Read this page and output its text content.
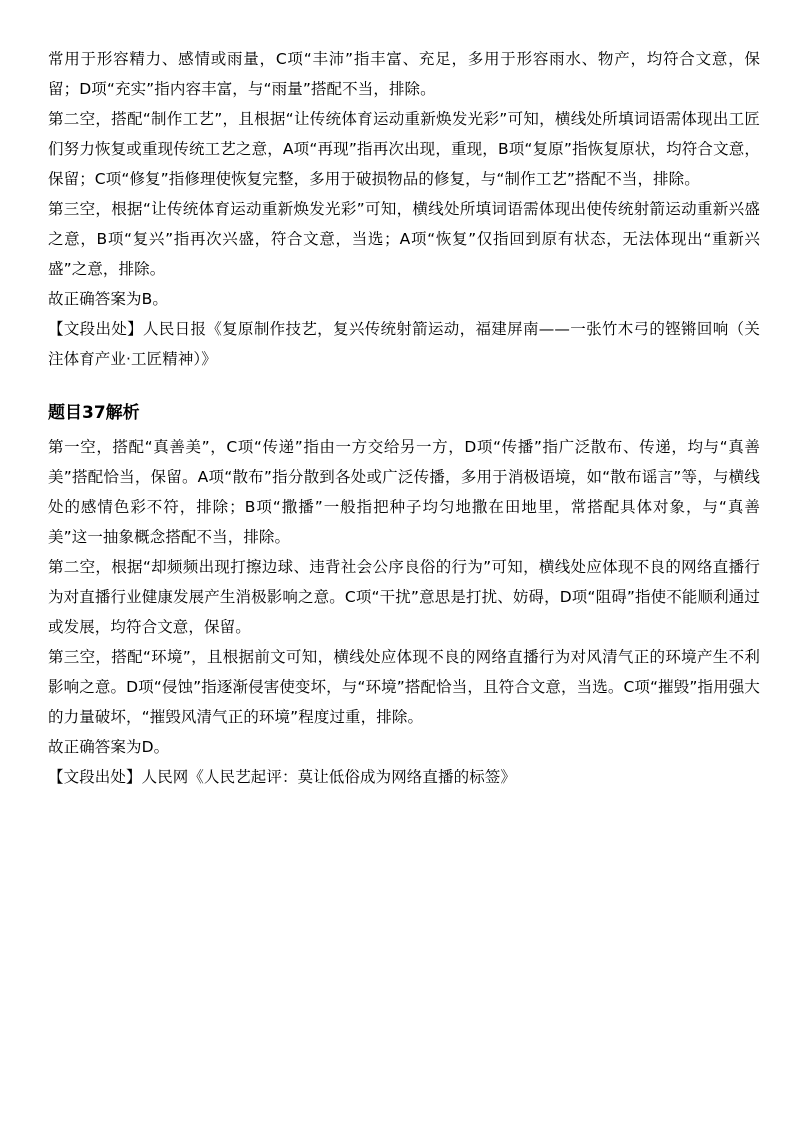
常用于形容精力、感情或雨量，C项“丰沛”指丰富、充足，多用于形容雨水、物产，均符合文意，保留；D项“充实”指内容丰富，与“雨量”搭配不当，排除。

第二空，搭配“制作工艺”，且根据“让传统体育运动重新焕发光彩”可知，横线处所填词语需体现出工匠们努力恢复或重现传统工艺之意，A项“再现”指再次出现，重现，B项“复原”指恢复原状，均符合文意，保留；C项“修复”指修理使恢复完整，多用于破损物品的修复，与“制作工艺”搭配不当，排除。

第三空，根据“让传统体育运动重新焕发光彩”可知，横线处所填词语需体现出使传统射箭运动重新兴盛之意，B项“复兴”指再次兴盛，符合文意，当选；A项“恢复”仅指回到原有状态，无法体现出“重新兴盛”之意，排除。

故正确答案为B。

【文段出处】人民日报《复原制作技艺，复兴传统射箭运动，福建屏南——一张竹木弓的铿锵回响（关注体育产业·工匠精神）》

题目37解析

第一空，搭配“真善美”，C项“传递”指由一方交给另一方，D项“传播”指广泛散布、传递，均与“真善美”搭配恰当，保留。A项“散布”指分散到各处或广泛传播，多用于消极语境，如“散布谣言”等，与横线处的感情色彩不符，排除；B项“撒播”一般指把种子均匀地撒在田地里，常搭配具体对象，与“真善美”这一抽象概念搭配不当，排除。

第二空，根据“却频频出现打擦边球、违背社会公序良俗的行为”可知，横线处应体现不良的网络直播行为对直播行业健康发展产生消极影响之意。C项“干扰”意思是打扰、妨碍，D项“阻碍”指使不能顺利通过或发展，均符合文意，保留。

第三空，搭配“环境”，且根据前文可知，横线处应体现不良的网络直播行为对风清气正的环境产生不利影响之意。D项“侵蚀”指逐渐侵害使变坏，与“环境”搭配恰当，且符合文意，当选。C项“摧毁”指用强大的力量破坏，“摧毁风清气正的环境”程度过重，排除。

故正确答案为D。

【文段出处】人民网《人民艺起评：莫让低俗成为网络直播的标签》
